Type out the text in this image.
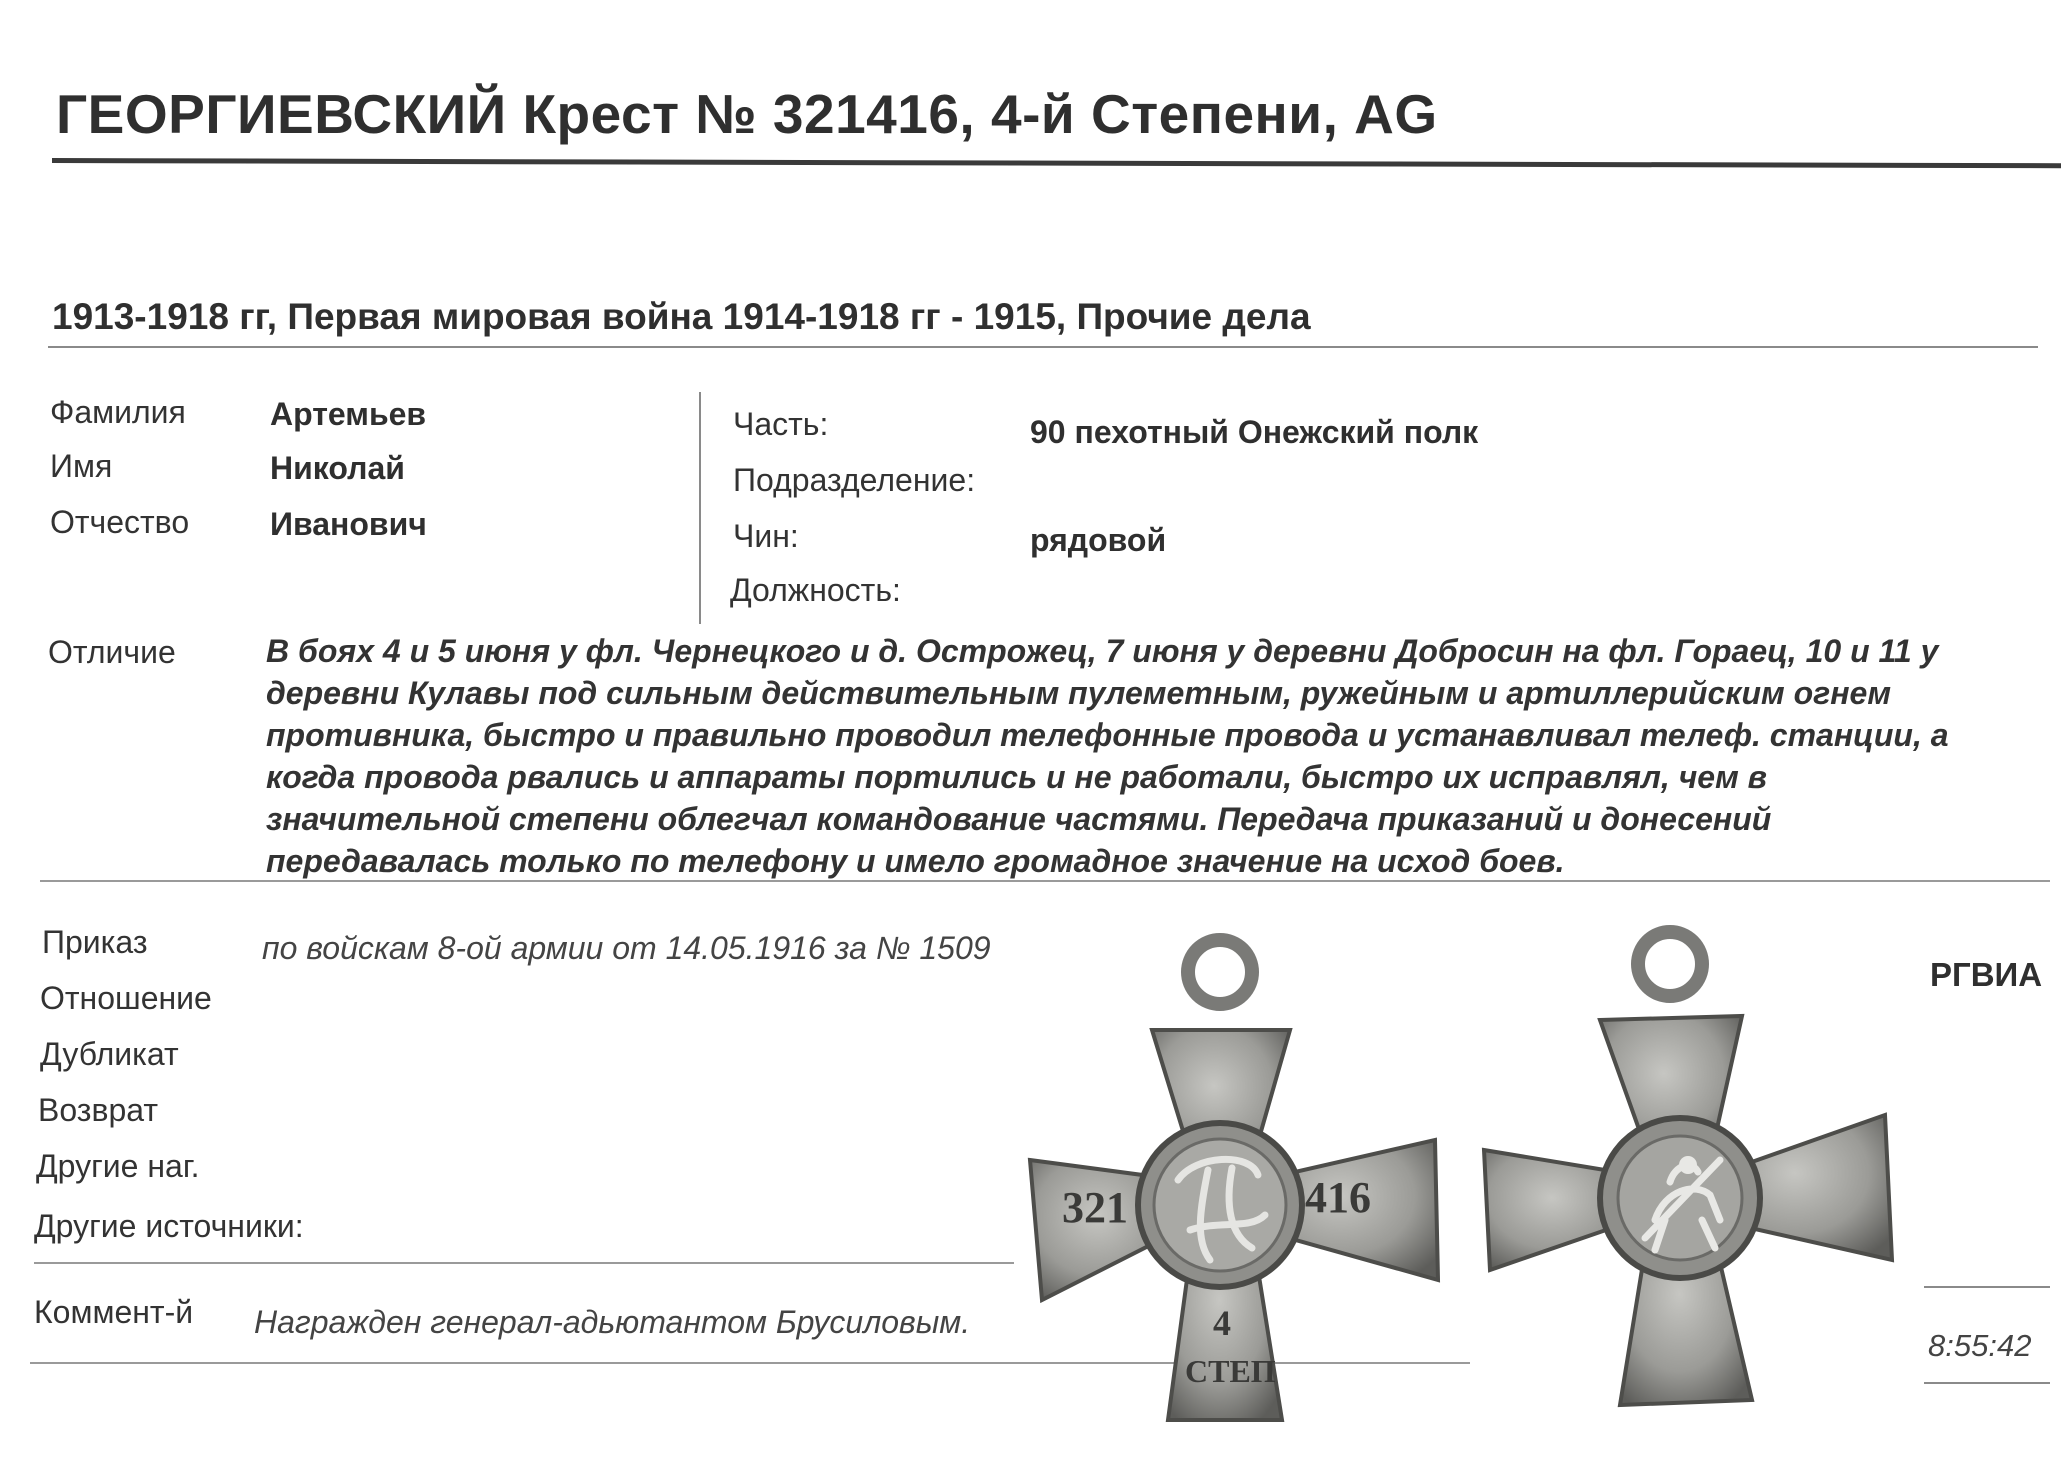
ГЕОРГИЕВСКИЙ Крест № 321416, 4-й Степени, AG
1913-1918 гг, Первая мировая война 1914-1918 гг - 1915, Прочие дела
Фамилия	Артемьев
Имя	Николай
Отчество	Иванович
Часть:	90 пехотный Онежский полк
Подразделение:
Чин:	рядовой
Должность:
Отличие	В боях 4 и 5 июня у фл. Чернецкого и д. Острожец, 7 июня у деревни Добросин на фл. Гораец, 10 и 11 у
деревни Кулавы под сильным действительным пулеметным, ружейным и артиллерийским огнем
противника, быстро и правильно проводил телефонные провода и устанавливал телеф. станции, а
когда провода рвались и аппараты портились и не работали, быстро их исправлял, чем в
значительной степени облегчал командование частями. Передача приказаний и донесений
передавалась только по телефону и имело громадное значение на исход боев.
Приказ	по войскам 8-ой армии от 14.05.1916 за № 1509
Отношение
Дубликат
Возврат
Другие наг.
Другие источники:
Коммент-й Награжден генерал-адьютантом Брусиловым.
РГВИА
8:55:42
321	416
4
СТЕП
